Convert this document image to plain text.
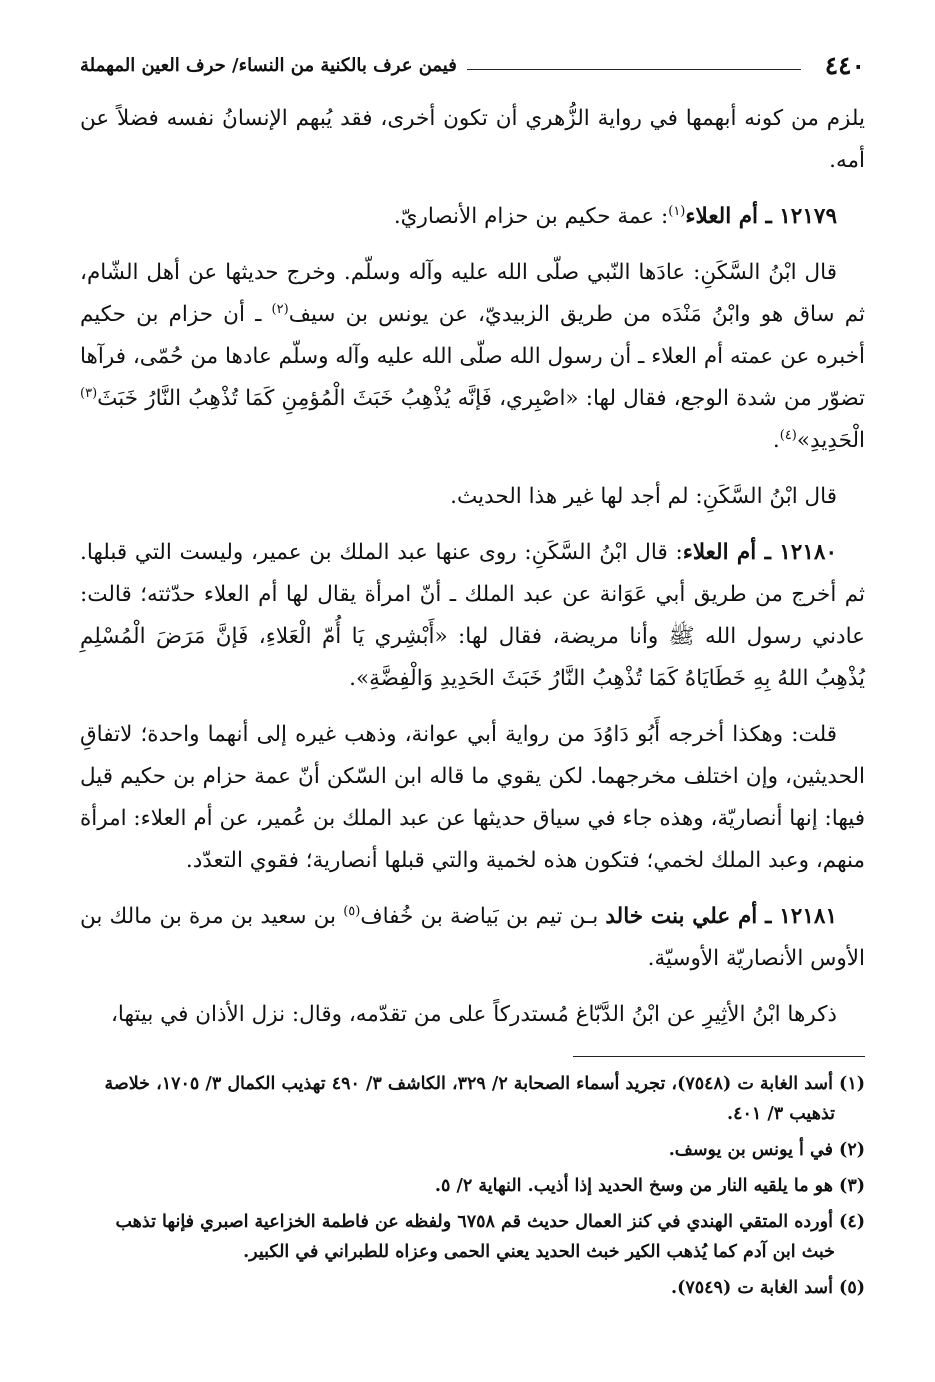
٤٤٠
فيمن عرف بالكنية من النساء/ حرف العين المهملة

يلزم من كونه أبهمها في رواية الزُّهري أن تكون أخرى، فقد يُبهم الإنسانُ نفسه فضلاً عن أمه.

١٢١٧٩ ـ أم العلاء$^{(١)}$: عمة حكيم بن حزام الأنصاريّ.

قال ابْنُ السَّكَنِ: عادَها النّبي صلّى الله عليه وآله وسلّم. وخرج حديثها عن أهل الشّام، ثم ساق هو وابْنُ مَنْدَه من طريق الزبيديّ، عن يونس بن سيف$^{(٢)}$ ـ أن حزام بن حكيم أخبره عن عمته أم العلاء ـ أن رسول الله صلّى الله عليه وآله وسلّم عادها من حُمّى، فرآها تضوّر من شدة الوجع، فقال لها: «اصْبِري، فَإنَّه يُذْهِبُ خَبَثَ الْمُؤمِنِ كَمَا تُذْهِبُ النَّارُ خَبَثَ$^{(٣)}$ الْحَدِيدِ»$^{(٤)}$.

قال ابْنُ السَّكَنِ: لم أجد لها غير هذا الحديث.

١٢١٨٠ ـ أم العلاء: قال ابْنُ السَّكَنِ: روى عنها عبد الملك بن عمير، وليست التي قبلها. ثم أخرج من طريق أبي عَوَانة عن عبد الملك ـ أنّ امرأة يقال لها أم العلاء حدّثته؛ قالت: عادني رسول الله ﷺ وأنا مريضة، فقال لها: «أَبْشِري يَا أُمّ الْعَلاءِ، فَإنَّ مَرَضَ الْمُسْلِمِ يُذْهِبُ اللهُ بِهِ خَطَايَاهُ كَمَا تُذْهِبُ النَّارُ خَبَثَ الحَدِيدِ وَالْفِضَّةِ».

قلت: وهكذا أخرجه أَبُو دَاوُدَ من رواية أبي عوانة، وذهب غيره إلى أنهما واحدة؛ لاتفاقِ الحديثين، وإن اختلف مخرجهما. لكن يقوي ما قاله ابن السّكن أنّ عمة حزام بن حكيم قيل فيها: إنها أنصاريّة، وهذه جاء في سياق حديثها عن عبد الملك بن عُمير، عن أم العلاء: امرأة منهم، وعبد الملك لخمي؛ فتكون هذه لخمية والتي قبلها أنصارية؛ فقوي التعدّد.

١٢١٨١ ـ أم علي بنت خالد بـن تيم بن بَياضة بن خُفاف$^{(٥)}$ بن سعيد بن مرة بن مالك بن الأوس الأنصاريّة الأوسيّة.

ذكرها ابْنُ الأثِيرِ عن ابْنُ الدَّبّاغ مُستدركاً على من تقدّمه، وقال: نزل الأذان في بيتها،

(١) أسد الغابة ت (٧٥٤٨)، تجريد أسماء الصحابة ٢/ ٣٢٩، الكاشف ٣/ ٤٩٠ تهذيب الكمال ٣/ ١٧٠٥، خلاصة تذهيب ٣/ ٤٠١.

(٢) في أ يونس بن يوسف.

(٣) هو ما يلقيه النار من وسخ الحديد إذا أذيب. النهاية ٢/ ٥.

(٤) أورده المتقي الهندي في كنز العمال حديث قم ٦٧٥٨ ولفظه عن فاطمة الخزاعية اصبري فإنها تذهب خبث ابن آدم كما يُذهب الكير خبث الحديد يعني الحمى وعزاه للطبراني في الكبير.

(٥) أسد الغابة ت (٧٥٤٩).
